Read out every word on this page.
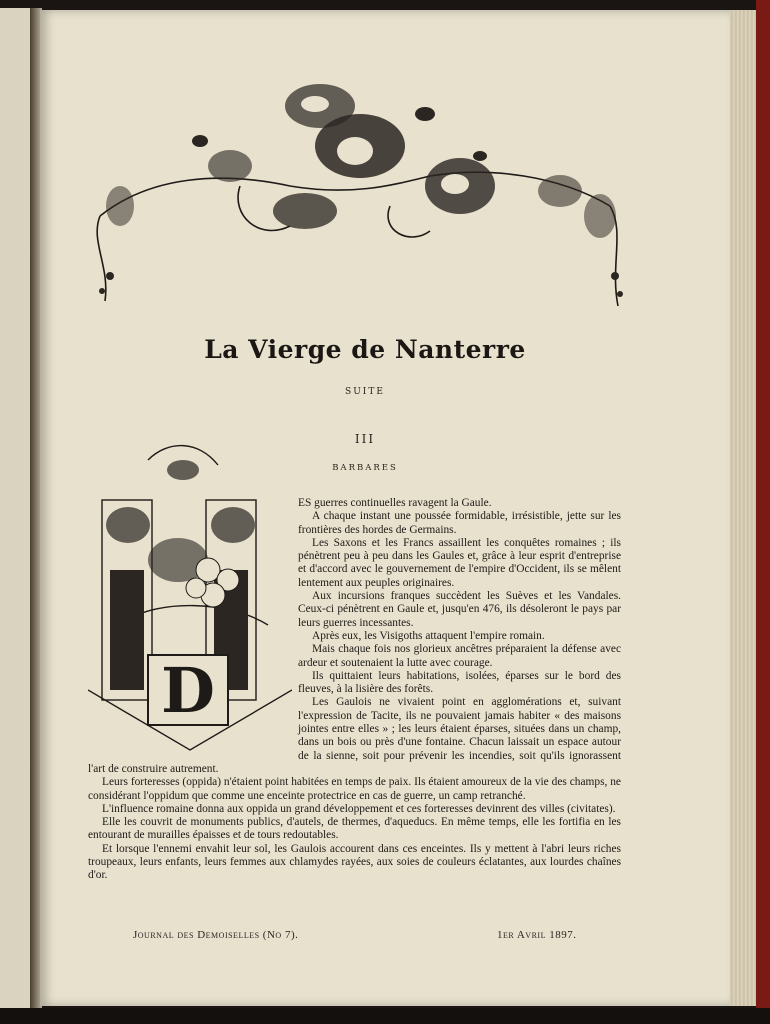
La Vierge de Nanterre
SUITE
III
BARBARES
D

ES guerres continuelles ravagent la Gaule.

A chaque instant une poussée formidable, irrésistible, jette sur les frontières des hordes de Germains.

Les Saxons et les Francs assaillent les conquêtes romaines ; ils pénètrent peu à peu dans les Gaules et, grâce à leur esprit d'entreprise et d'accord avec le gouvernement de l'empire d'Occident, ils se mêlent lentement aux peuples originaires.

Aux incursions franques succèdent les Suèves et les Vandales. Ceux-ci pénètrent en Gaule et, jusqu'en 476, ils désoleront le pays par leurs guerres incessantes.

Après eux, les Visigoths attaquent l'empire romain.

Mais chaque fois nos glorieux ancêtres préparaient la défense avec ardeur et soutenaient la lutte avec courage.

Ils quittaient leurs habitations, isolées, éparses sur le bord des fleuves, à la lisière des forêts.

Les Gaulois ne vivaient point en agglomérations et, suivant l'expression de Tacite, ils ne pouvaient jamais habiter « des maisons jointes entre elles » ; les leurs étaient éparses, situées dans un champ, dans un bois ou près d'une fontaine. Chacun laissait un espace autour de la sienne, soit pour prévenir les incendies, soit qu'ils ignorassent l'art de construire autrement.

Leurs forteresses (oppida) n'étaient point habitées en temps de paix. Ils étaient amoureux de la vie des champs, ne considérant l'oppidum que comme une enceinte protectrice en cas de guerre, un camp retranché.

L'influence romaine donna aux oppida un grand développement et ces forteresses devinrent des villes (civitates).

Elle les couvrit de monuments publics, d'autels, de thermes, d'aqueducs. En même temps, elle les fortifia en les entourant de murailles épaisses et de tours redoutables.

Et lorsque l'ennemi envahit leur sol, les Gaulois accourent dans ces enceintes. Ils y mettent à l'abri leurs riches troupeaux, leurs enfants, leurs femmes aux chlamydes rayées, aux soies de couleurs éclatantes, aux lourdes chaînes d'or.

Journal des Demoiselles (No 7).	1er Avril 1897.
